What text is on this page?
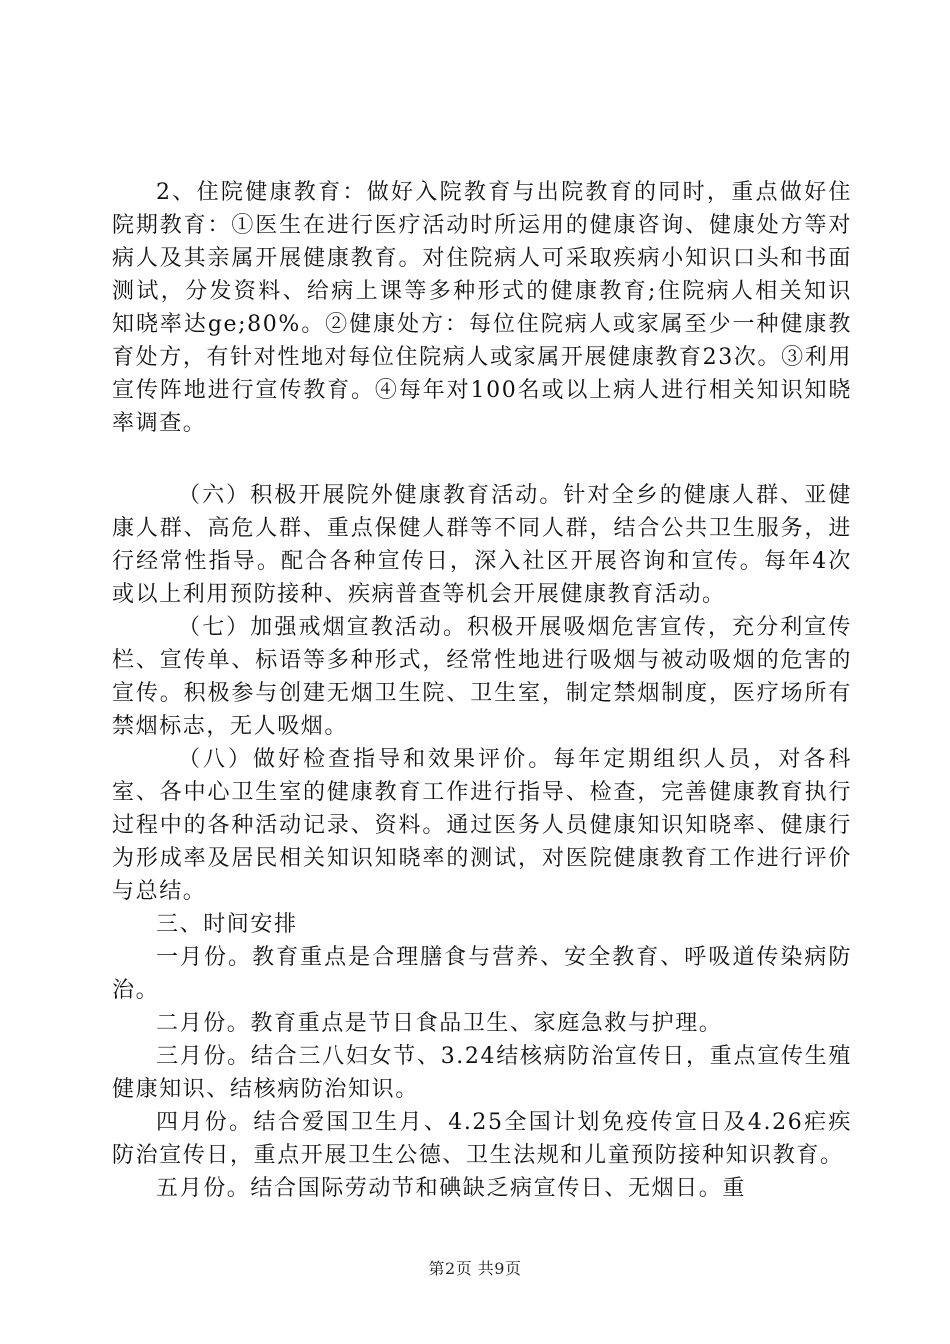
2、住院健康教育：做好入院教育与出院教育的同时，重点做好住院期教育：①医生在进行医疗活动时所运用的健康咨询、健康处方等对病人及其亲属开展健康教育。对住院病人可采取疾病小知识口头和书面测试，分发资料、给病上课等多种形式的健康教育;住院病人相关知识知晓率达ge;80%。②健康处方：每位住院病人或家属至少一种健康教育处方，有针对性地对每位住院病人或家属开展健康教育23次。③利用宣传阵地进行宣传教育。④每年对100名或以上病人进行相关知识知晓率调查。

（六）积极开展院外健康教育活动。针对全乡的健康人群、亚健康人群、高危人群、重点保健人群等不同人群，结合公共卫生服务，进行经常性指导。配合各种宣传日，深入社区开展咨询和宣传。每年4次或以上利用预防接种、疾病普查等机会开展健康教育活动。

（七）加强戒烟宣教活动。积极开展吸烟危害宣传，充分利宣传栏、宣传单、标语等多种形式，经常性地进行吸烟与被动吸烟的危害的宣传。积极参与创建无烟卫生院、卫生室，制定禁烟制度，医疗场所有禁烟标志，无人吸烟。

（八）做好检查指导和效果评价。每年定期组织人员，对各科室、各中心卫生室的健康教育工作进行指导、检查，完善健康教育执行过程中的各种活动记录、资料。通过医务人员健康知识知晓率、健康行为形成率及居民相关知识知晓率的测试，对医院健康教育工作进行评价与总结。

三、时间安排

一月份。教育重点是合理膳食与营养、安全教育、呼吸道传染病防治。

二月份。教育重点是节日食品卫生、家庭急救与护理。

三月份。结合三八妇女节、3.24结核病防治宣传日，重点宣传生殖健康知识、结核病防治知识。

四月份。结合爱国卫生月、4.25全国计划免疫传宣日及4.26疟疾防治宣传日，重点开展卫生公德、卫生法规和儿童预防接种知识教育。

五月份。结合国际劳动节和碘缺乏病宣传日、无烟日。重

第2页 共9页
